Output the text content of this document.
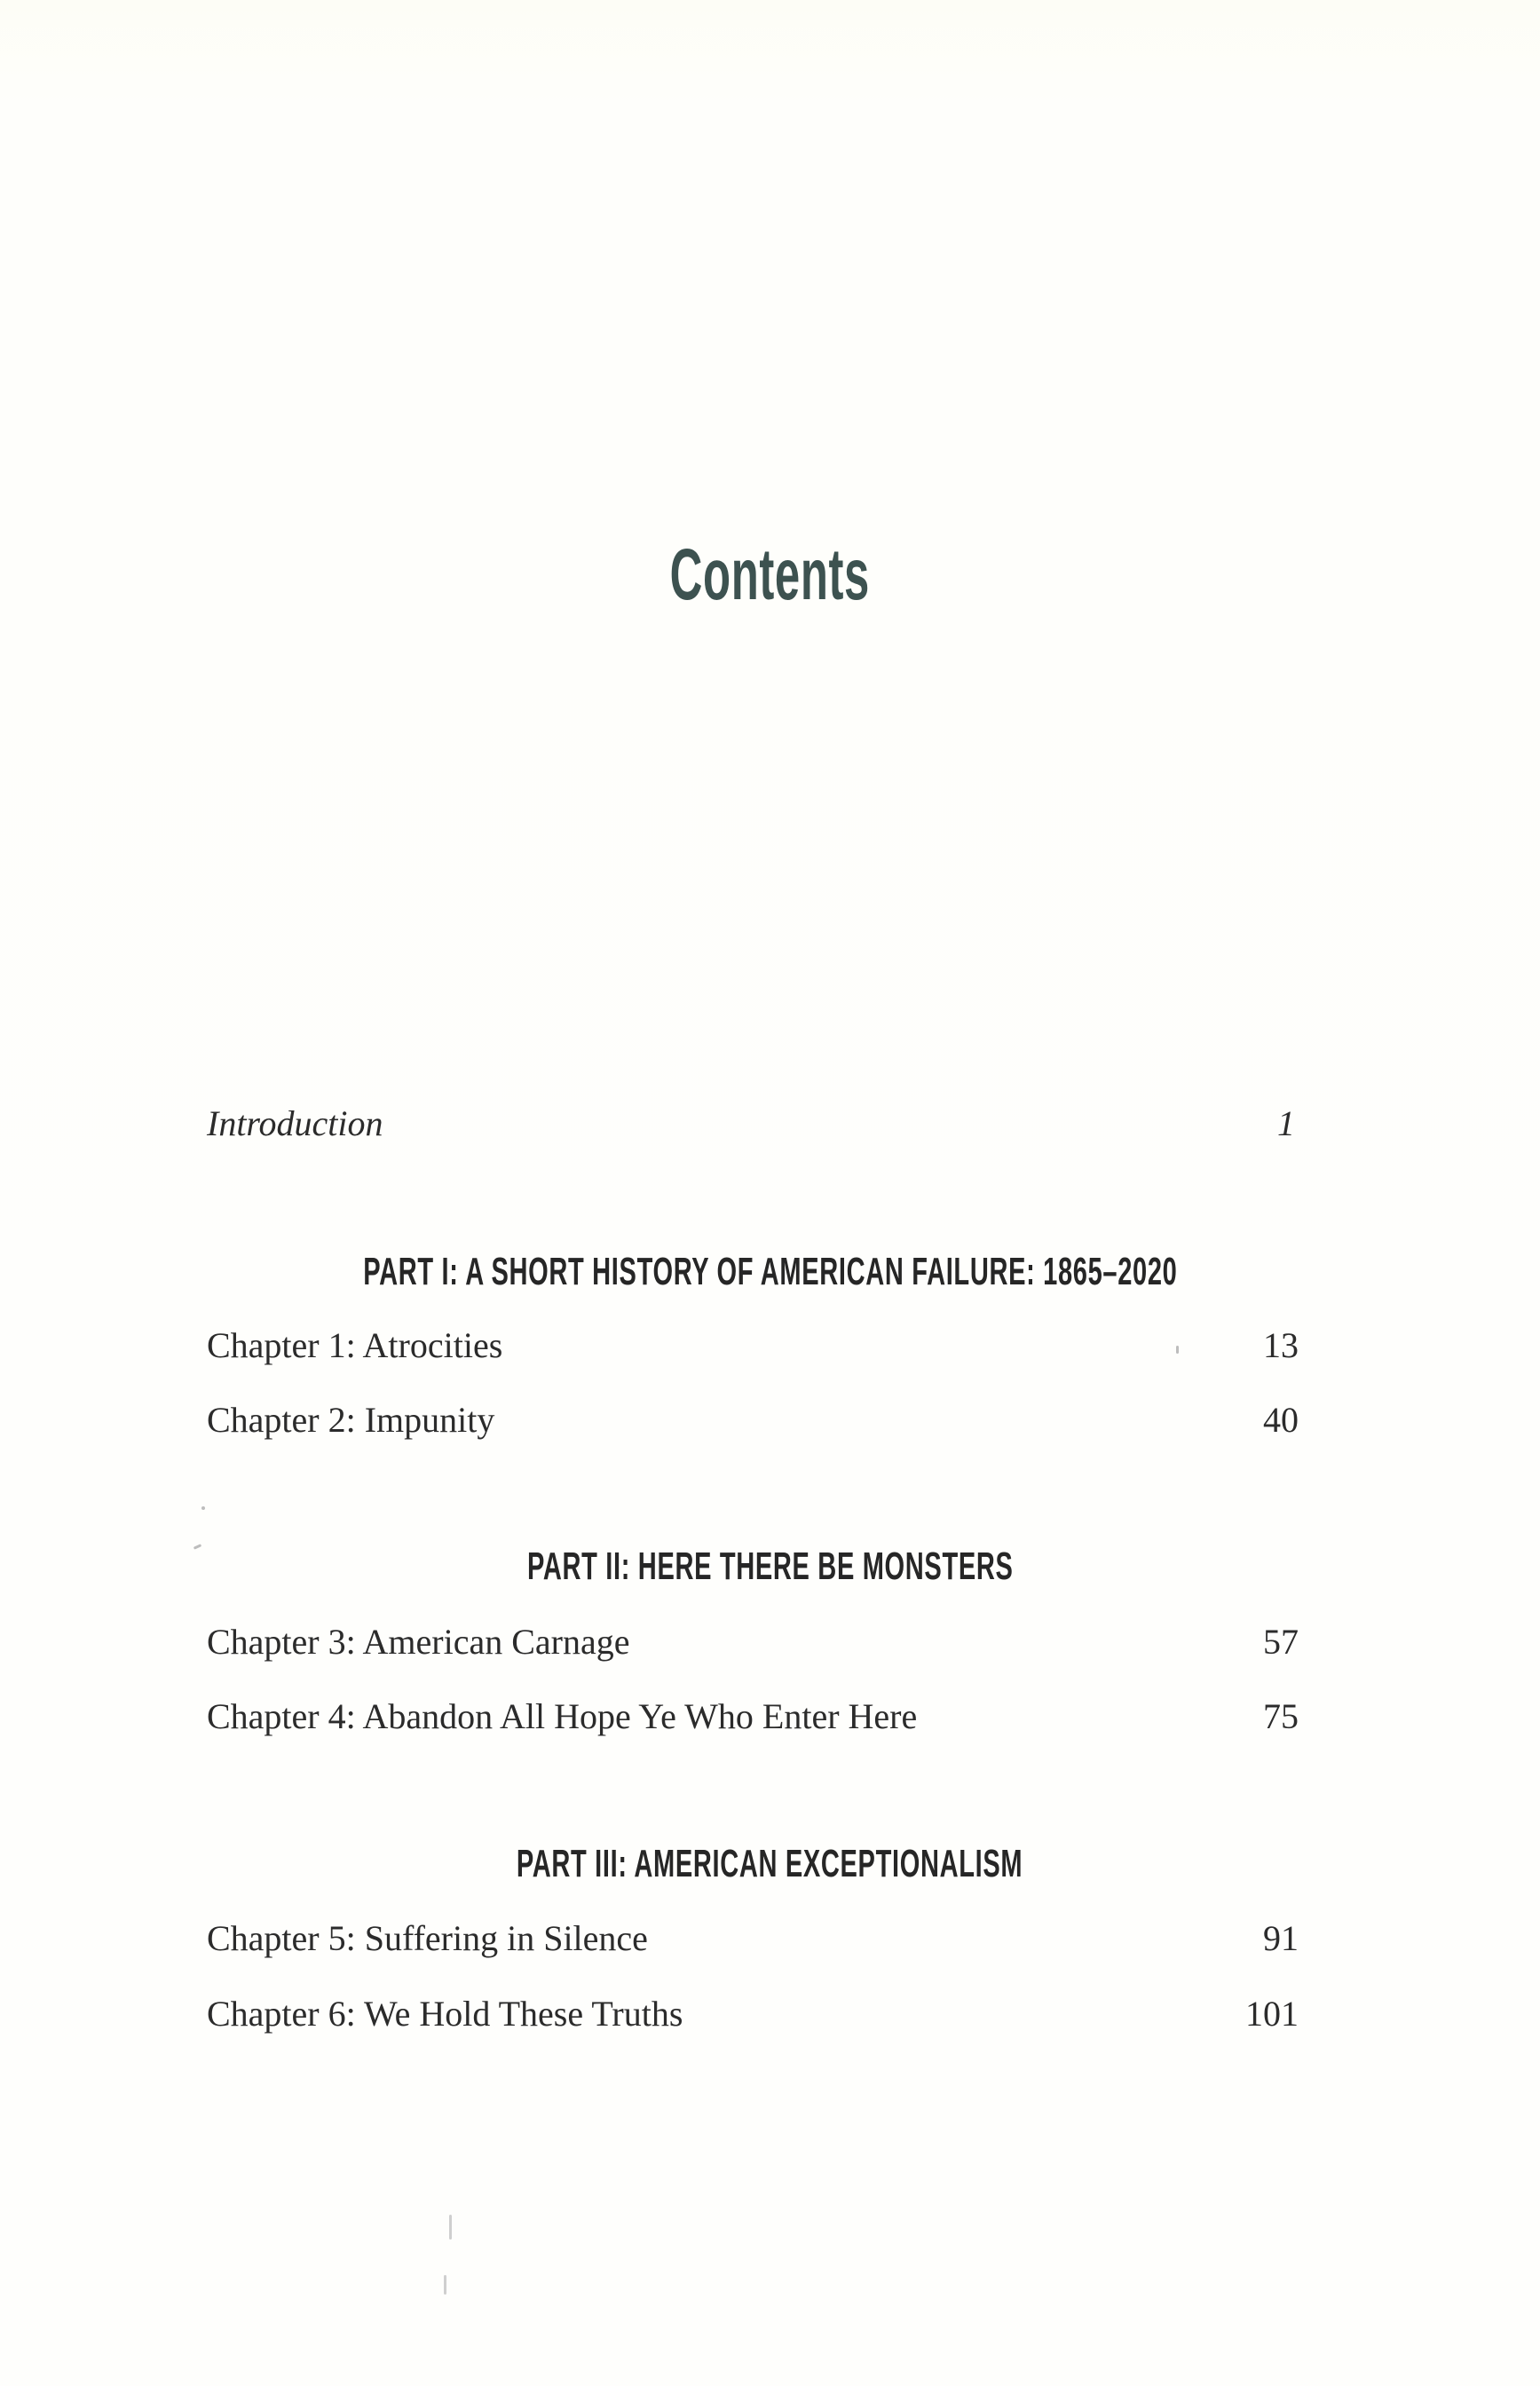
Contents
Introduction	1
PART I: A SHORT HISTORY OF AMERICAN FAILURE: 1865–2020
Chapter 1: Atrocities	13
Chapter 2: Impunity	40
PART II: HERE THERE BE MONSTERS
Chapter 3: American Carnage	57
Chapter 4: Abandon All Hope Ye Who Enter Here	75
PART III: AMERICAN EXCEPTIONALISM
Chapter 5: Suffering in Silence	91
Chapter 6: We Hold These Truths	101
